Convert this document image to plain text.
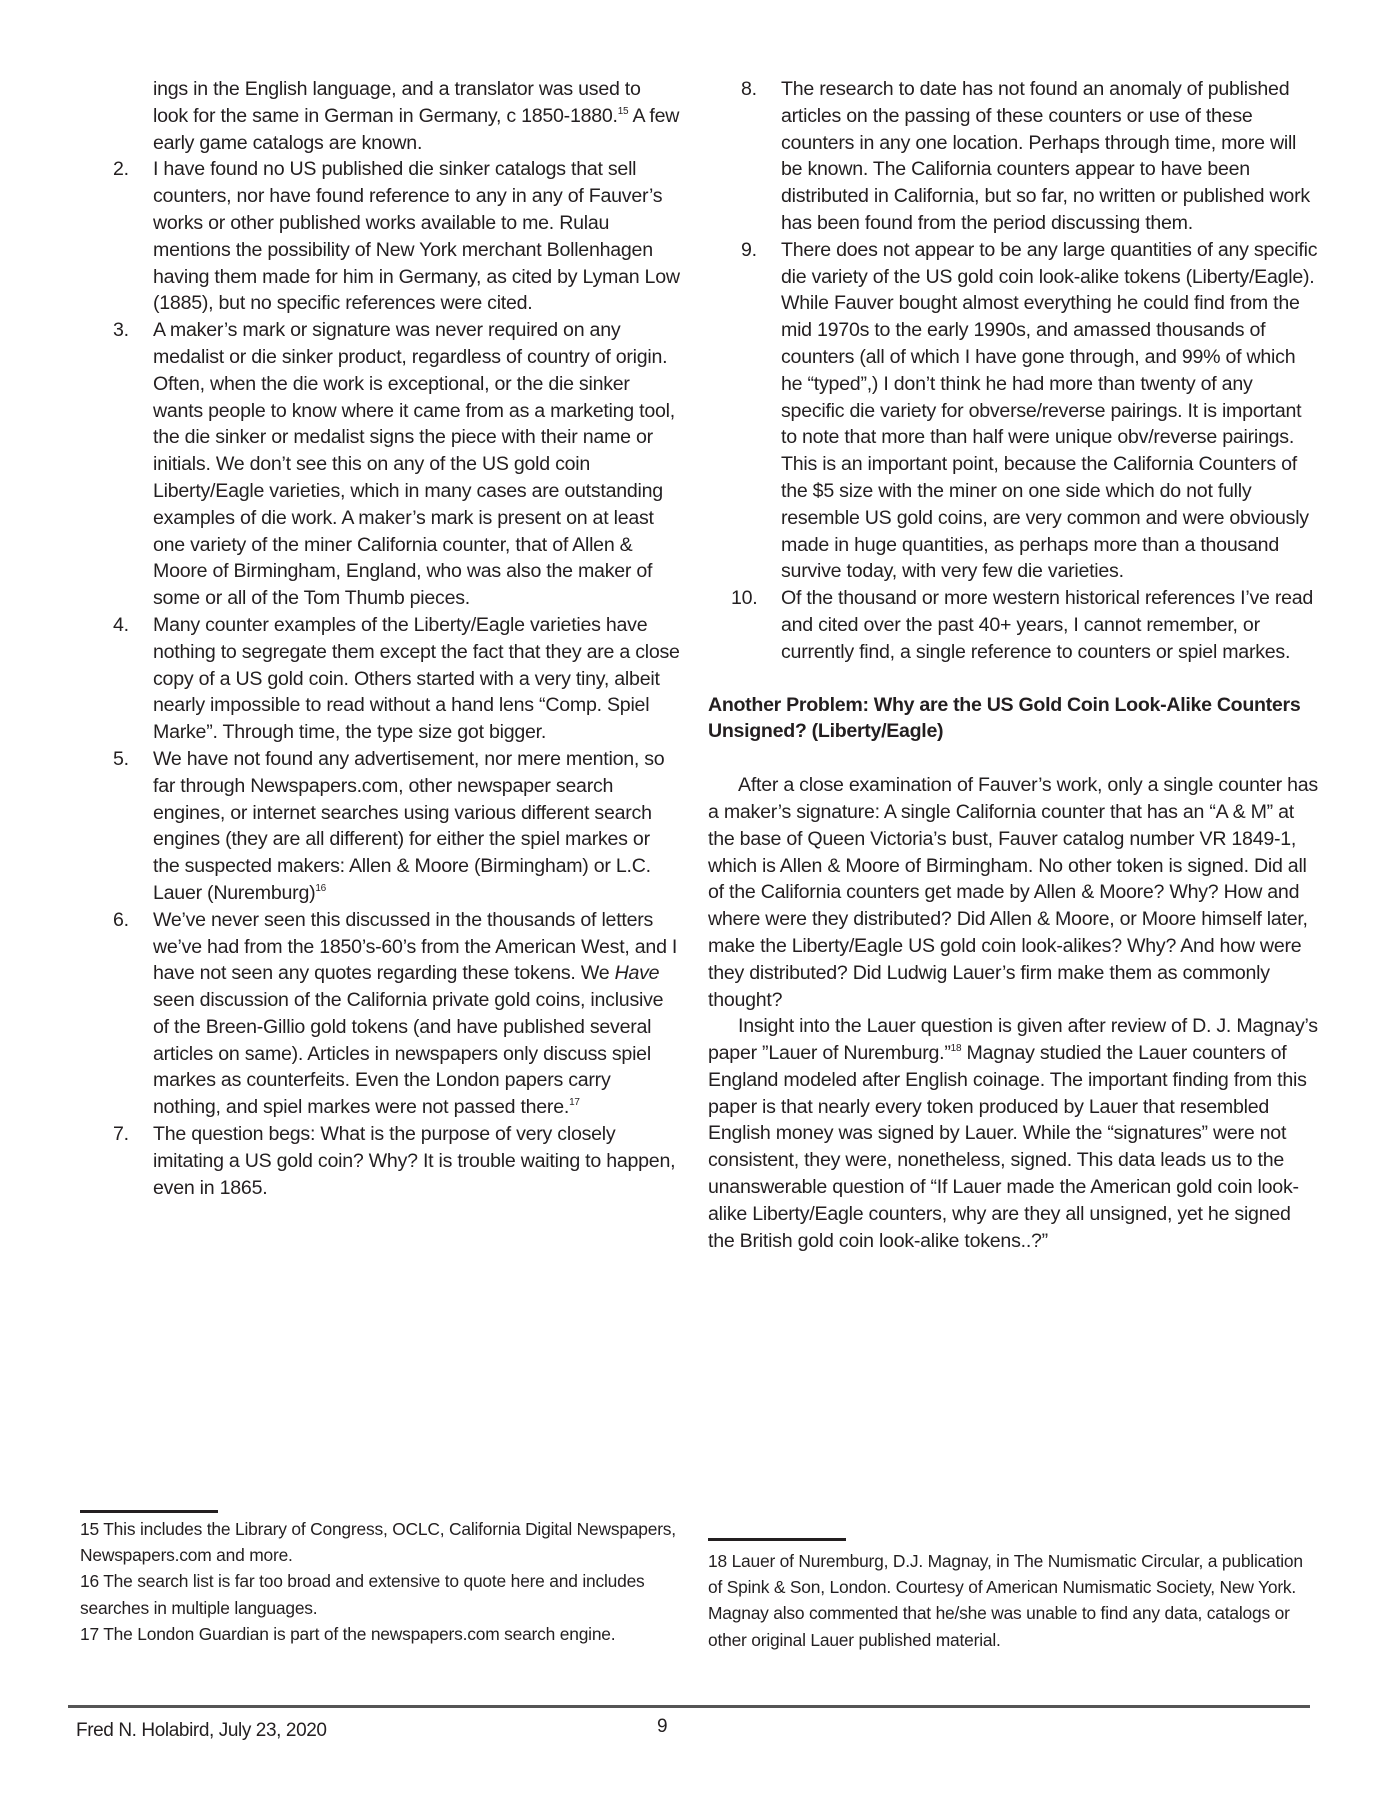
ings in the English language, and a translator was used to look for the same in German in Germany, c 1850-1880.15 A few early game catalogs are known.
2. I have found no US published die sinker catalogs that sell counters, nor have found reference to any in any of Fauver’s works or other published works available to me. Rulau mentions the possibility of New York merchant Bollenhagen having them made for him in Germany, as cited by Lyman Low (1885), but no specific references were cited.
3. A maker’s mark or signature was never required on any medalist or die sinker product, regardless of country of origin. Often, when the die work is exceptional, or the die sinker wants people to know where it came from as a marketing tool, the die sinker or medalist signs the piece with their name or initials. We don’t see this on any of the US gold coin Liberty/Eagle varieties, which in many cases are outstanding examples of die work. A maker’s mark is present on at least one variety of the miner California counter, that of Allen & Moore of Birmingham, England, who was also the maker of some or all of the Tom Thumb pieces.
4. Many counter examples of the Liberty/Eagle varieties have nothing to segregate them except the fact that they are a close copy of a US gold coin. Others started with a very tiny, albeit nearly impossible to read without a hand lens “Comp. Spiel Marke”. Through time, the type size got bigger.
5. We have not found any advertisement, nor mere mention, so far through Newspapers.com, other newspaper search engines, or internet searches using various different search engines (they are all different) for either the spiel markes or the suspected makers: Allen & Moore (Birmingham) or L.C. Lauer (Nuremburg)$^{16}$
6. We’ve never seen this discussed in the thousands of letters we’ve had from the 1850’s-60’s from the American West, and I have not seen any quotes regarding these tokens. We Have seen discussion of the California private gold coins, inclusive of the Breen-Gillio gold tokens (and have published several articles on same). Articles in newspapers only discuss spiel markes as counterfeits. Even the London papers carry nothing, and spiel markes were not passed there.$^{17}$
7. The question begs: What is the purpose of very closely imitating a US gold coin? Why? It is trouble waiting to happen, even in 1865.
8. The research to date has not found an anomaly of published articles on the passing of these counters or use of these counters in any one location. Perhaps through time, more will be known. The California counters appear to have been distributed in California, but so far, no written or published work has been found from the period discussing them.
9. There does not appear to be any large quantities of any specific die variety of the US gold coin look-alike tokens (Liberty/Eagle). While Fauver bought almost everything he could find from the mid 1970s to the early 1990s, and amassed thousands of counters (all of which I have gone through, and 99% of which he “typed”,) I don’t think he had more than twenty of any specific die variety for obverse/reverse pairings. It is important to note that more than half were unique obv/reverse pairings. This is an important point, because the California Counters of the $5 size with the miner on one side which do not fully resemble US gold coins, are very common and were obviously made in huge quantities, as perhaps more than a thousand survive today, with very few die varieties.
10. Of the thousand or more western historical references I’ve read and cited over the past 40+ years, I cannot remember, or currently find, a single reference to counters or spiel markes.
Another Problem: Why are the US Gold Coin Look-Alike Counters Unsigned? (Liberty/Eagle)
After a close examination of Fauver’s work, only a single counter has a maker’s signature: A single California counter that has an “A & M” at the base of Queen Victoria’s bust, Fauver catalog number VR 1849-1, which is Allen & Moore of Birmingham. No other token is signed. Did all of the California counters get made by Allen & Moore? Why? How and where were they distributed? Did Allen & Moore, or Moore himself later, make the Liberty/Eagle US gold coin look-alikes? Why? And how were they distributed? Did Ludwig Lauer’s firm make them as commonly thought?
Insight into the Lauer question is given after review of D. J. Magnay’s paper ”Lauer of Nuremburg.”$^{18}$ Magnay studied the Lauer counters of England modeled after English coinage. The important finding from this paper is that nearly every token produced by Lauer that resembled English money was signed by Lauer. While the “signatures” were not consistent, they were, nonetheless, signed. This data leads us to the unanswerable question of “If Lauer made the American gold coin look-alike Liberty/Eagle counters, why are they all unsigned, yet he signed the British gold coin look-alike tokens..?”
15 This includes the Library of Congress, OCLC, California Digital Newspapers, Newspapers.com and more.
16 The search list is far too broad and extensive to quote here and includes searches in multiple languages.
17 The London Guardian is part of the newspapers.com search engine.
18 Lauer of Nuremburg, D.J. Magnay, in The Numismatic Circular, a publication of Spink & Son, London. Courtesy of American Numismatic Society, New York. Magnay also commented that he/she was unable to find any data, catalogs or other original Lauer published material.
Fred N. Holabird, July 23, 2020	9
